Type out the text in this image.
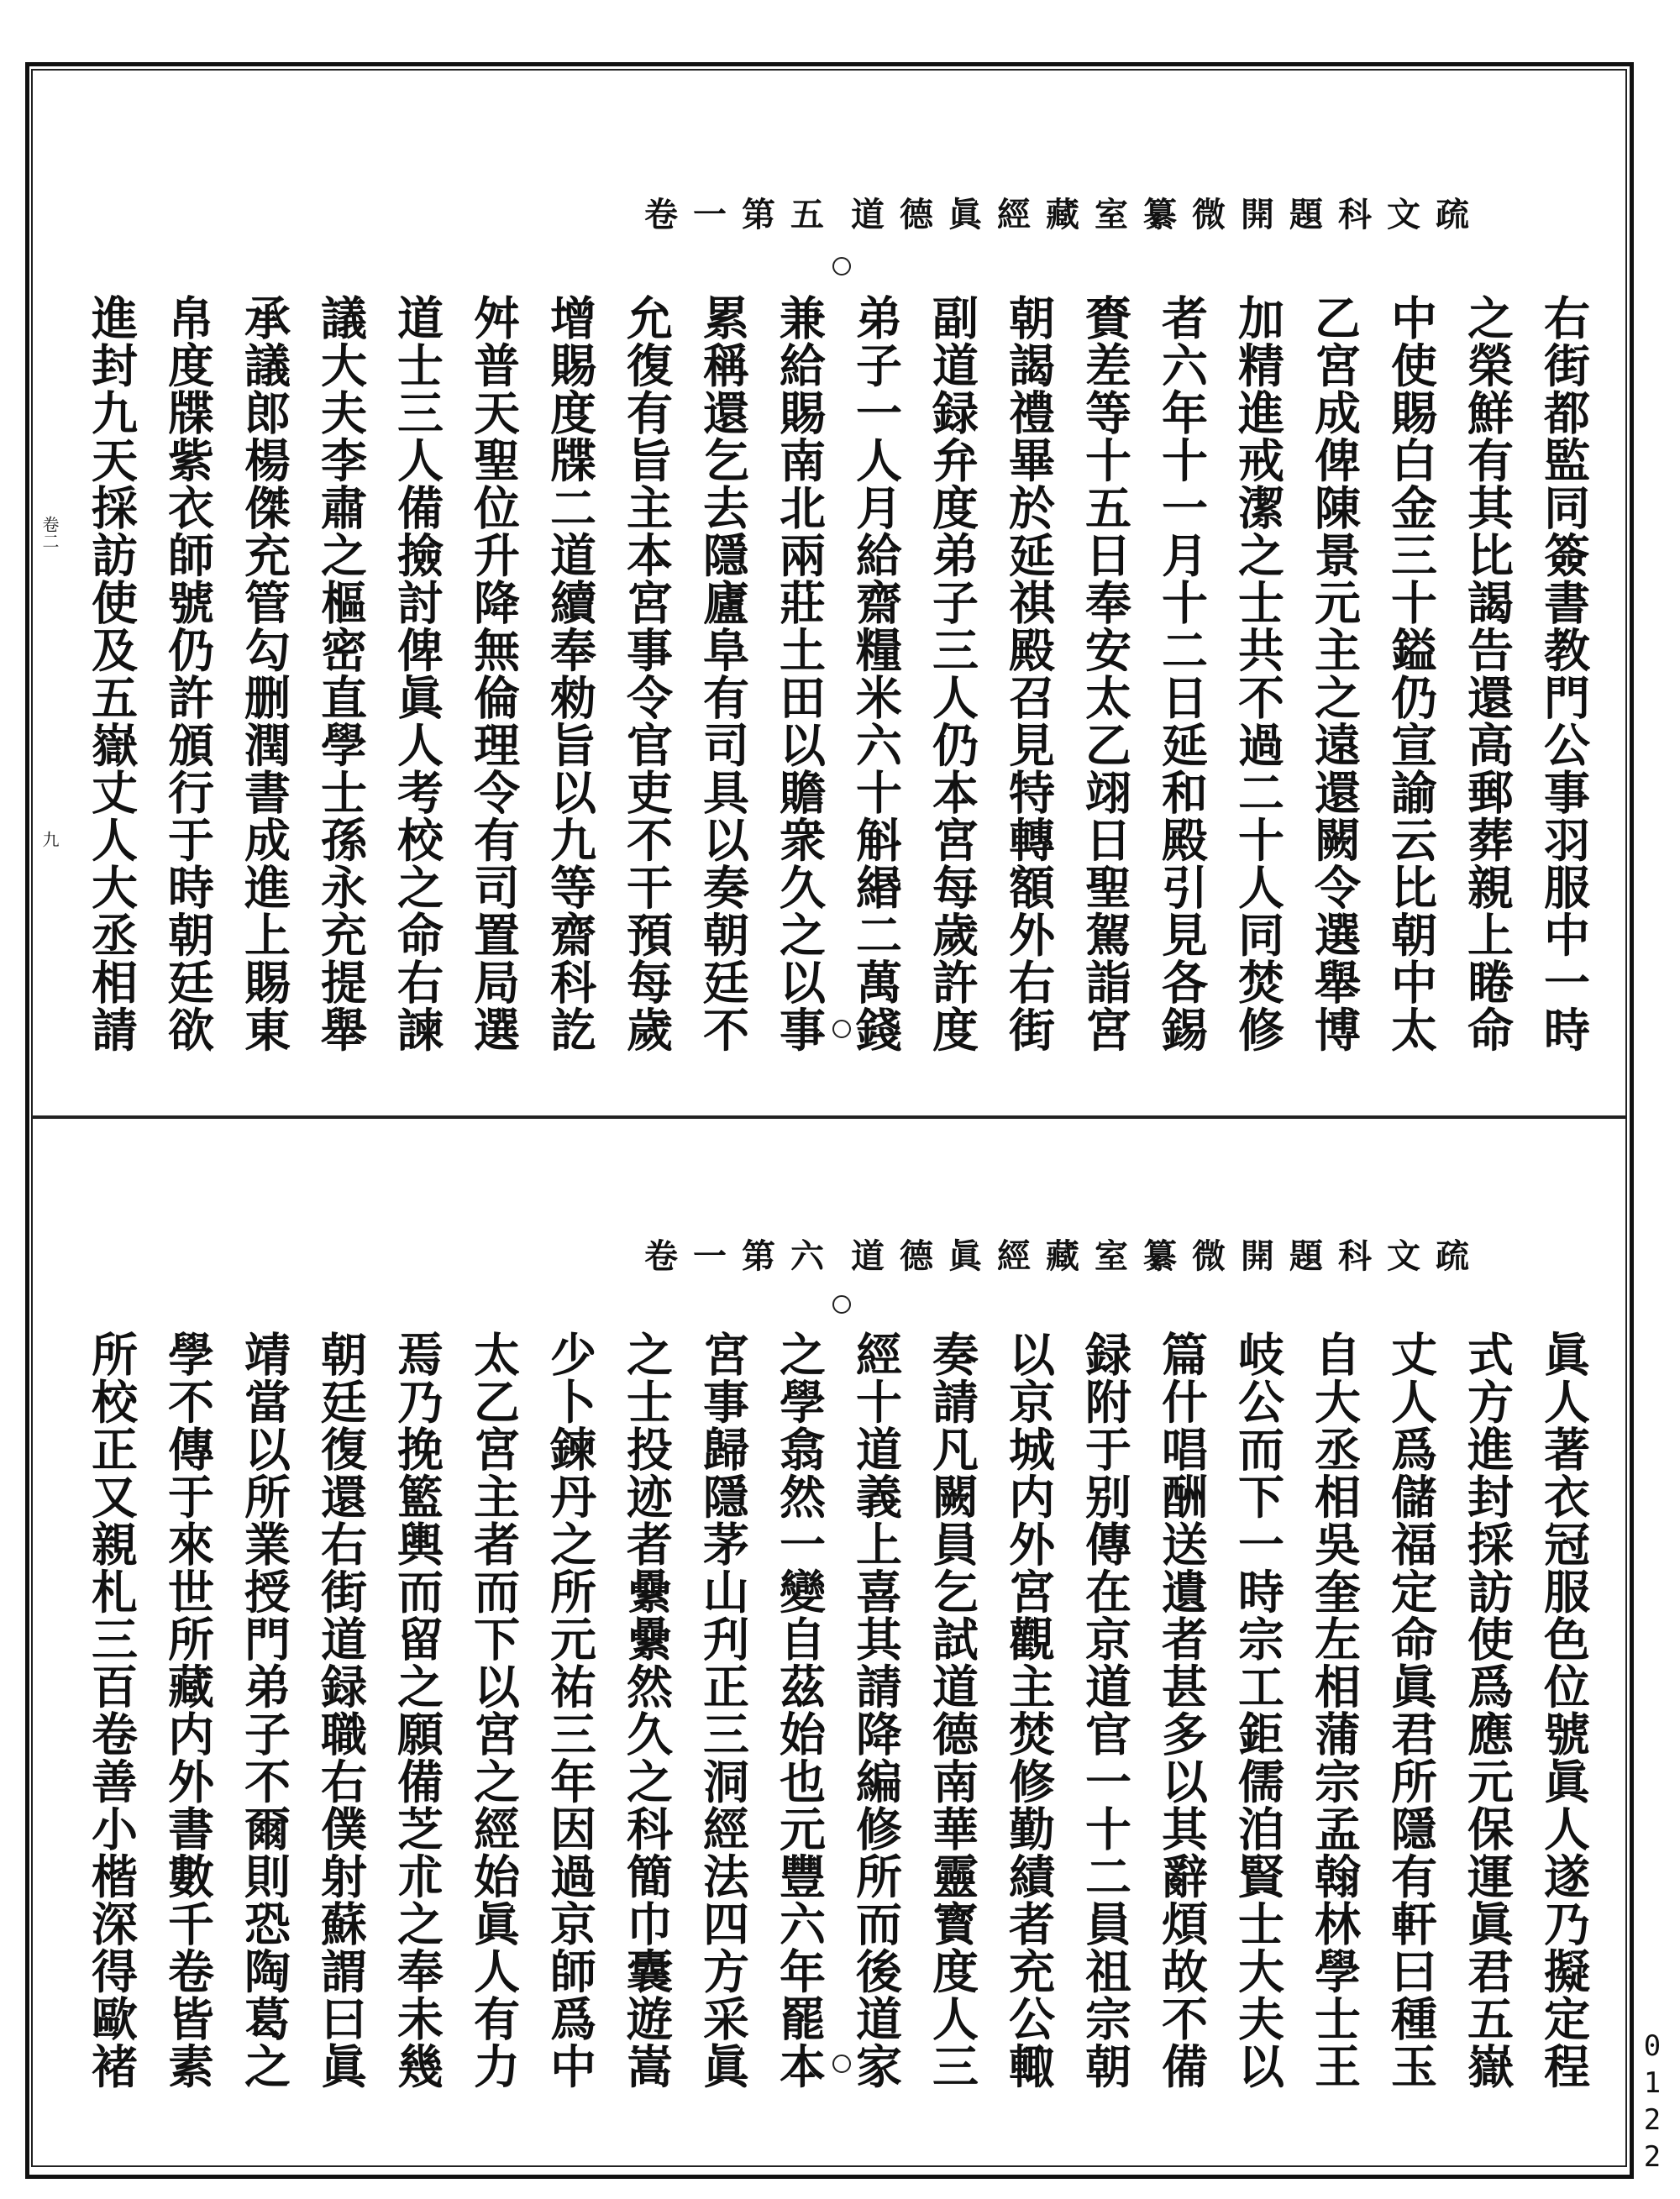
卷一第五 道德眞經藏室纂微開題科文疏
卷二
九	右街都監同簽書教門公事羽服中一時
之榮鮮有其比謁告還高郵葬親上睠命
中使賜白金三十鎰仍宣諭云比朝中太
乙宮成俾陳景元主之遠還闕令選舉博
加精進戒潔之士共不過二十人同焚修
者六年十一月十二日延和殿引見各錫
賚差等十五日奉安太乙翊日聖駕詣宮
朝謁禮畢於延祺殿召見特轉額外右街
副道録弁度弟子三人仍本宮每歲許度
弟子一人月給齋糧米六十斛緡二萬錢
兼給賜南北兩莊土田以贍衆久之以事
累稱還乞去隱廬阜有司具以奏朝廷不
允復有旨主本宮事令官吏不干預每歲
增賜度牒二道續奉勑旨以九等齋科訖
舛普天聖位升降無倫理令有司置局選
道士三人備撿討俾眞人考校之命右諫
議大夫李肅之樞密直學士孫永充提舉
承議郎楊傑充管勾删潤書成進上賜東
帛度牒紫衣師號仍許頒行于時朝廷欲
進封九天採訪使及五嶽丈人大丞相請
卷一第六 道德眞經藏室纂微開題科文疏
眞人著衣冠服色位號眞人遂乃擬定程
式方進封採訪使爲應元保運眞君五嶽
丈人爲儲福定命眞君所隱有軒曰種玉
自大丞相吳奎左相蒲宗孟翰林學士王
岐公而下一時宗工鉅儒洎賢士大夫以
篇什唱酬送遺者甚多以其辭煩故不備
録附于别傳在京道官一十二員祖宗朝
以京城内外宮觀主焚修勤績者充公輙
奏請凡闕員乞試道德南華靈寳度人三
經十道義上喜其請降編修所而後道家
之學翕然一變自茲始也元豐六年罷本
宮事歸隱茅山刋正三洞經法四方采眞
之士投迹者纍纍然久之科簡巾囊遊嵩
少卜鍊丹之所元祐三年因過京師爲中
太乙宮主者而下以宮之經始眞人有力
焉乃挽籃輿而留之願備芝朮之奉未幾
朝廷復還右街道録職右僕射蘇謂曰眞
靖當以所業授門弟子不爾則恐陶葛之
學不傳于來世所藏内外書數千卷皆素
所校正又親札三百卷善小楷深得歐褚
0122
